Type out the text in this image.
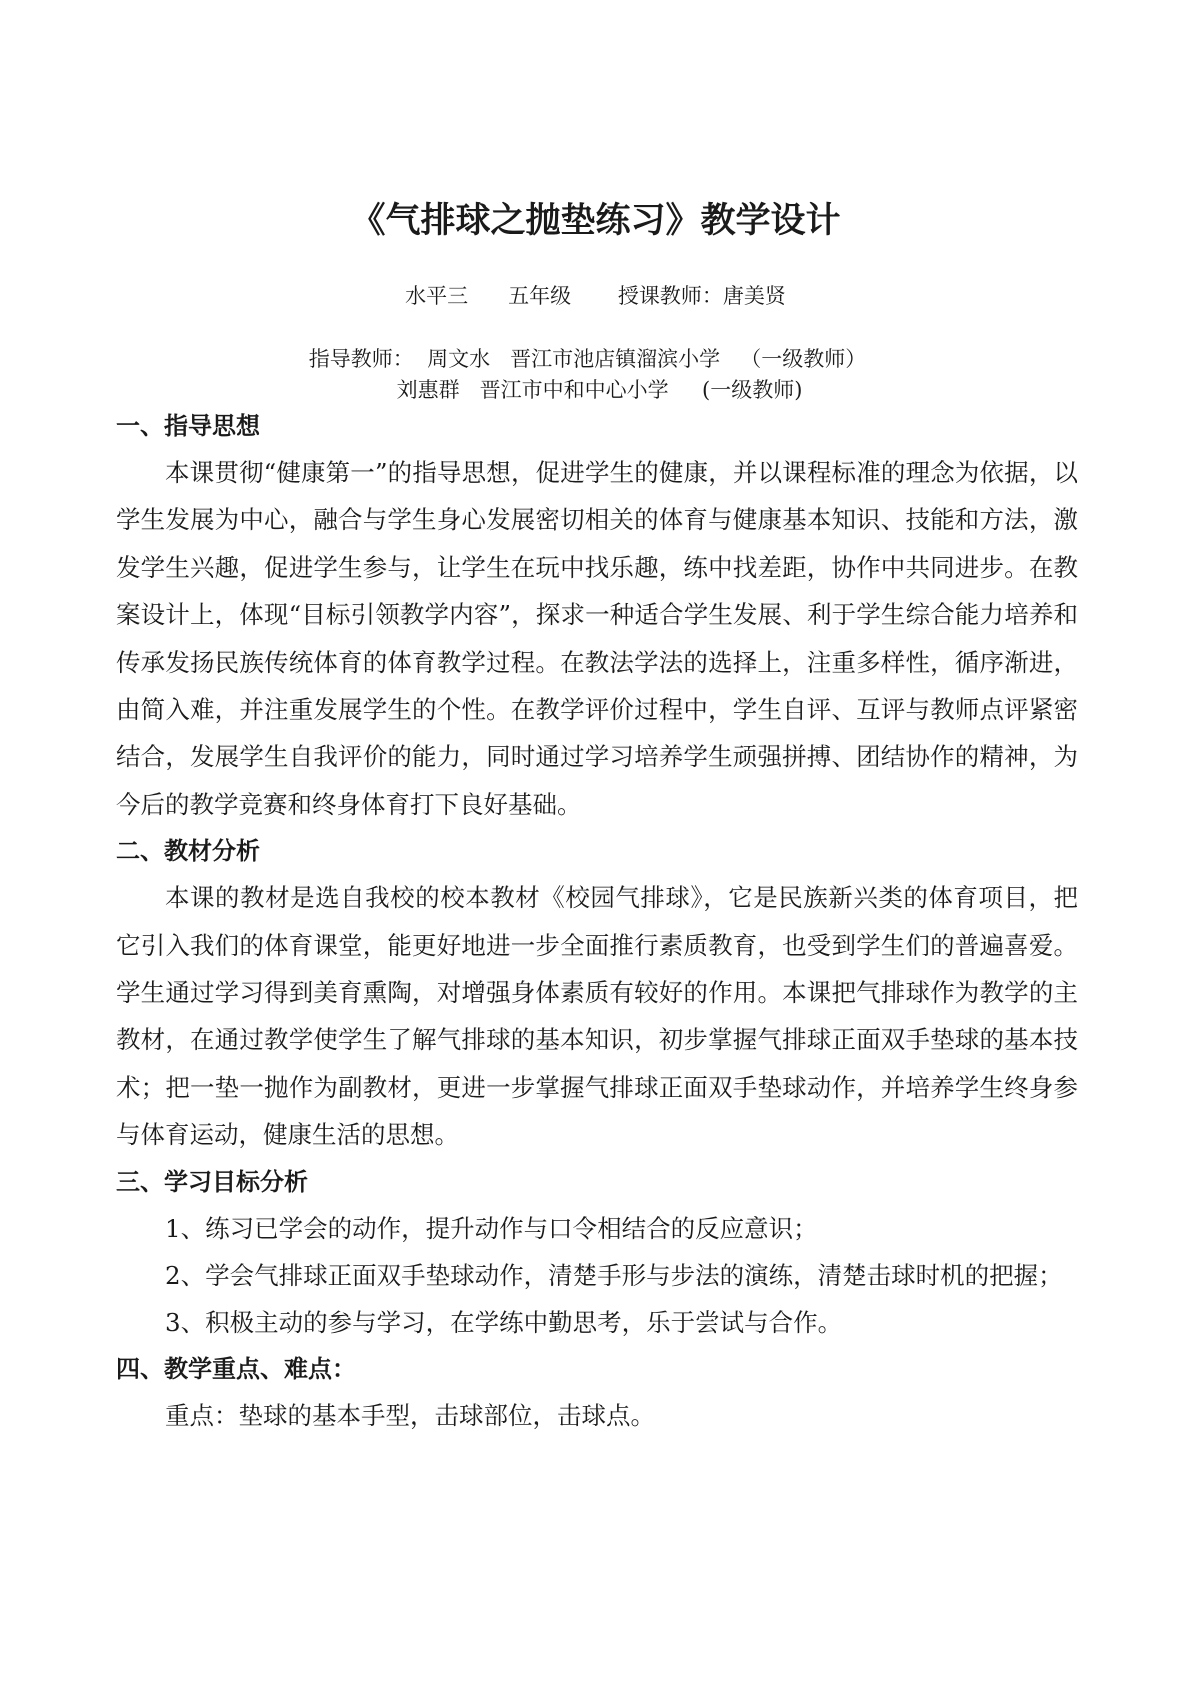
《气排球之抛垫练习》教学设计
水平三      五年级       授课教师：唐美贤
指导教师：  周文水   晋江市池店镇溜滨小学   （一级教师）
刘惠群   晋江市中和中心小学     (一级教师)
一、指导思想

本课贯彻“健康第一”的指导思想，促进学生的健康，并以课程标准的理念为依据，以学生发展为中心，融合与学生身心发展密切相关的体育与健康基本知识、技能和方法，激发学生兴趣，促进学生参与，让学生在玩中找乐趣，练中找差距，协作中共同进步。在教案设计上，体现“目标引领教学内容”，探求一种适合学生发展、利于学生综合能力培养和传承发扬民族传统体育的体育教学过程。在教法学法的选择上，注重多样性，循序渐进，由简入难，并注重发展学生的个性。在教学评价过程中，学生自评、互评与教师点评紧密结合，发展学生自我评价的能力，同时通过学习培养学生顽强拼搏、团结协作的精神，为今后的教学竞赛和终身体育打下良好基础。

二、教材分析

本课的教材是选自我校的校本教材《校园气排球》，它是民族新兴类的体育项目，把它引入我们的体育课堂，能更好地进一步全面推行素质教育，也受到学生们的普遍喜爱。学生通过学习得到美育熏陶，对增强身体素质有较好的作用。本课把气排球作为教学的主教材，在通过教学使学生了解气排球的基本知识，初步掌握气排球正面双手垫球的基本技术；把一垫一抛作为副教材，更进一步掌握气排球正面双手垫球动作，并培养学生终身参与体育运动，健康生活的思想。

三、学习目标分析

1、练习已学会的动作，提升动作与口令相结合的反应意识；

2、学会气排球正面双手垫球动作，清楚手形与步法的演练，清楚击球时机的把握；

3、积极主动的参与学习，在学练中勤思考，乐于尝试与合作。

四、教学重点、难点：

重点：垫球的基本手型，击球部位，击球点。
